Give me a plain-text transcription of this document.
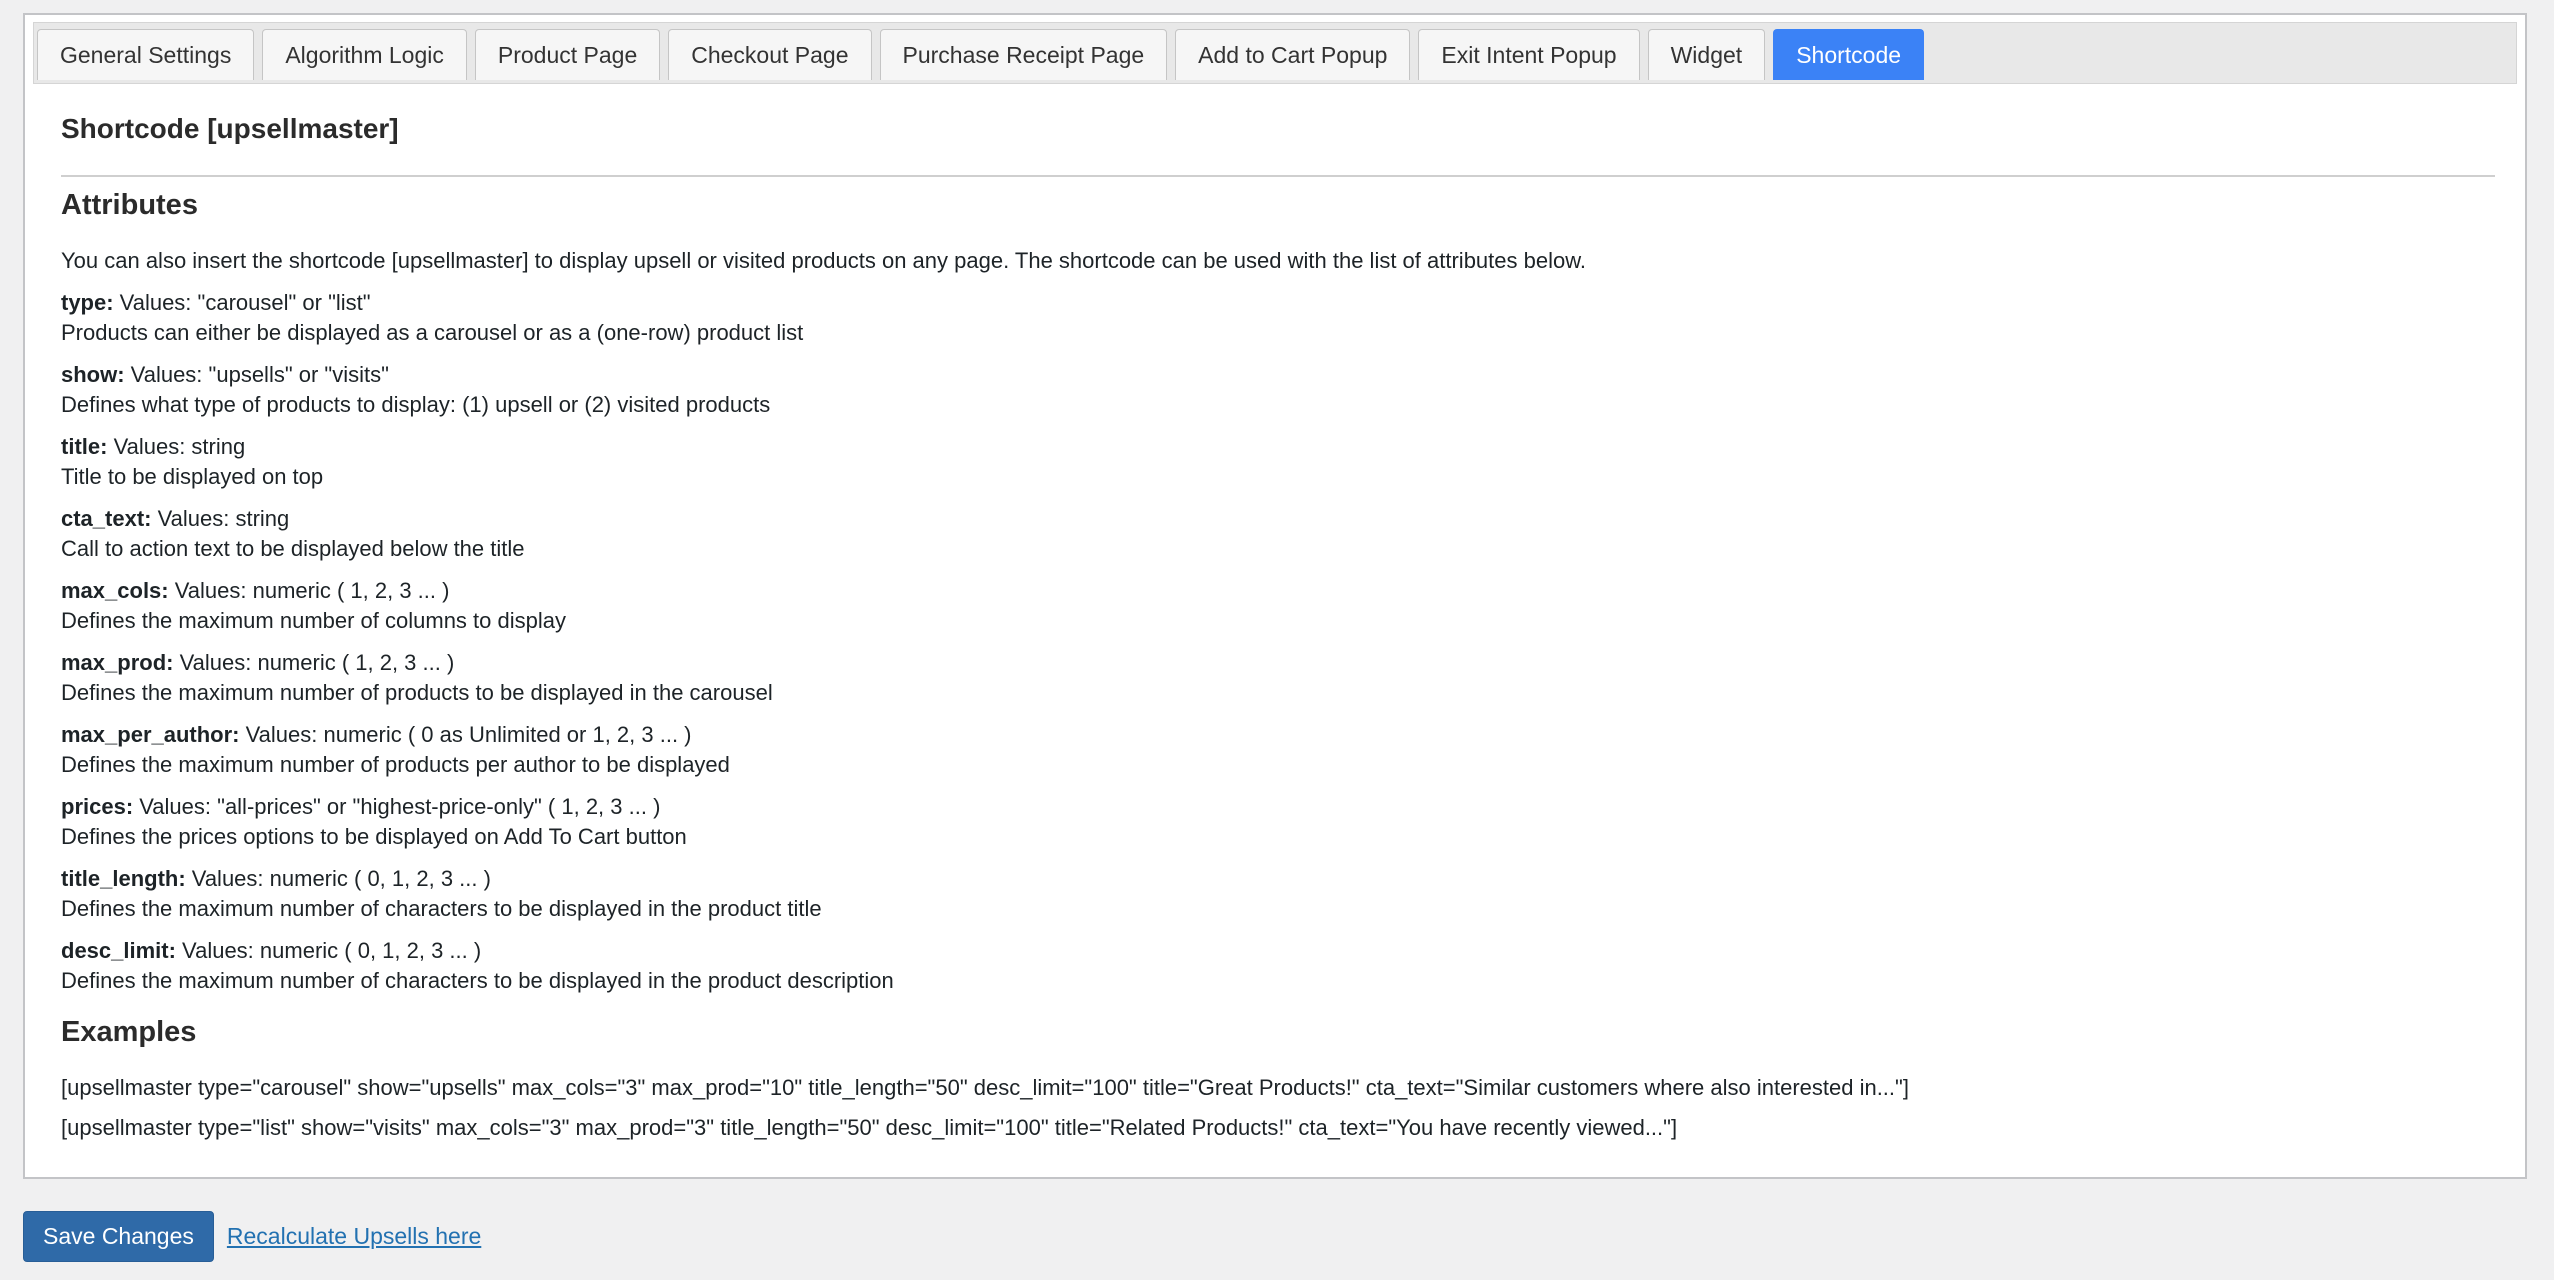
General Settings	Algorithm Logic	Product Page	Checkout Page	Purchase Receipt Page	Add to Cart Popup	Exit Intent Popup	Widget	Shortcode
Shortcode [upsellmaster]
Attributes
You can also insert the shortcode [upsellmaster] to display upsell or visited products on any page. The shortcode can be used with the list of attributes below.
type: Values: "carousel" or "list"
Products can either be displayed as a carousel or as a (one-row) product list
show: Values: "upsells" or "visits"
Defines what type of products to display: (1) upsell or (2) visited products
title: Values: string
Title to be displayed on top
cta_text: Values: string
Call to action text to be displayed below the title
max_cols: Values: numeric ( 1, 2, 3 ... )
Defines the maximum number of columns to display
max_prod: Values: numeric ( 1, 2, 3 ... )
Defines the maximum number of products to be displayed in the carousel
max_per_author: Values: numeric ( 0 as Unlimited or 1, 2, 3 ... )
Defines the maximum number of products per author to be displayed
prices: Values: "all-prices" or "highest-price-only" ( 1, 2, 3 ... )
Defines the prices options to be displayed on Add To Cart button
title_length: Values: numeric ( 0, 1, 2, 3 ... )
Defines the maximum number of characters to be displayed in the product title
desc_limit: Values: numeric ( 0, 1, 2, 3 ... )
Defines the maximum number of characters to be displayed in the product description
Examples
[upsellmaster type="carousel" show="upsells" max_cols="3" max_prod="10" title_length="50" desc_limit="100" title="Great Products!" cta_text="Similar customers where also interested in..."]
[upsellmaster type="list" show="visits" max_cols="3" max_prod="3" title_length="50" desc_limit="100" title="Related Products!" cta_text="You have recently viewed..."]
Save Changes	Recalculate Upsells here
